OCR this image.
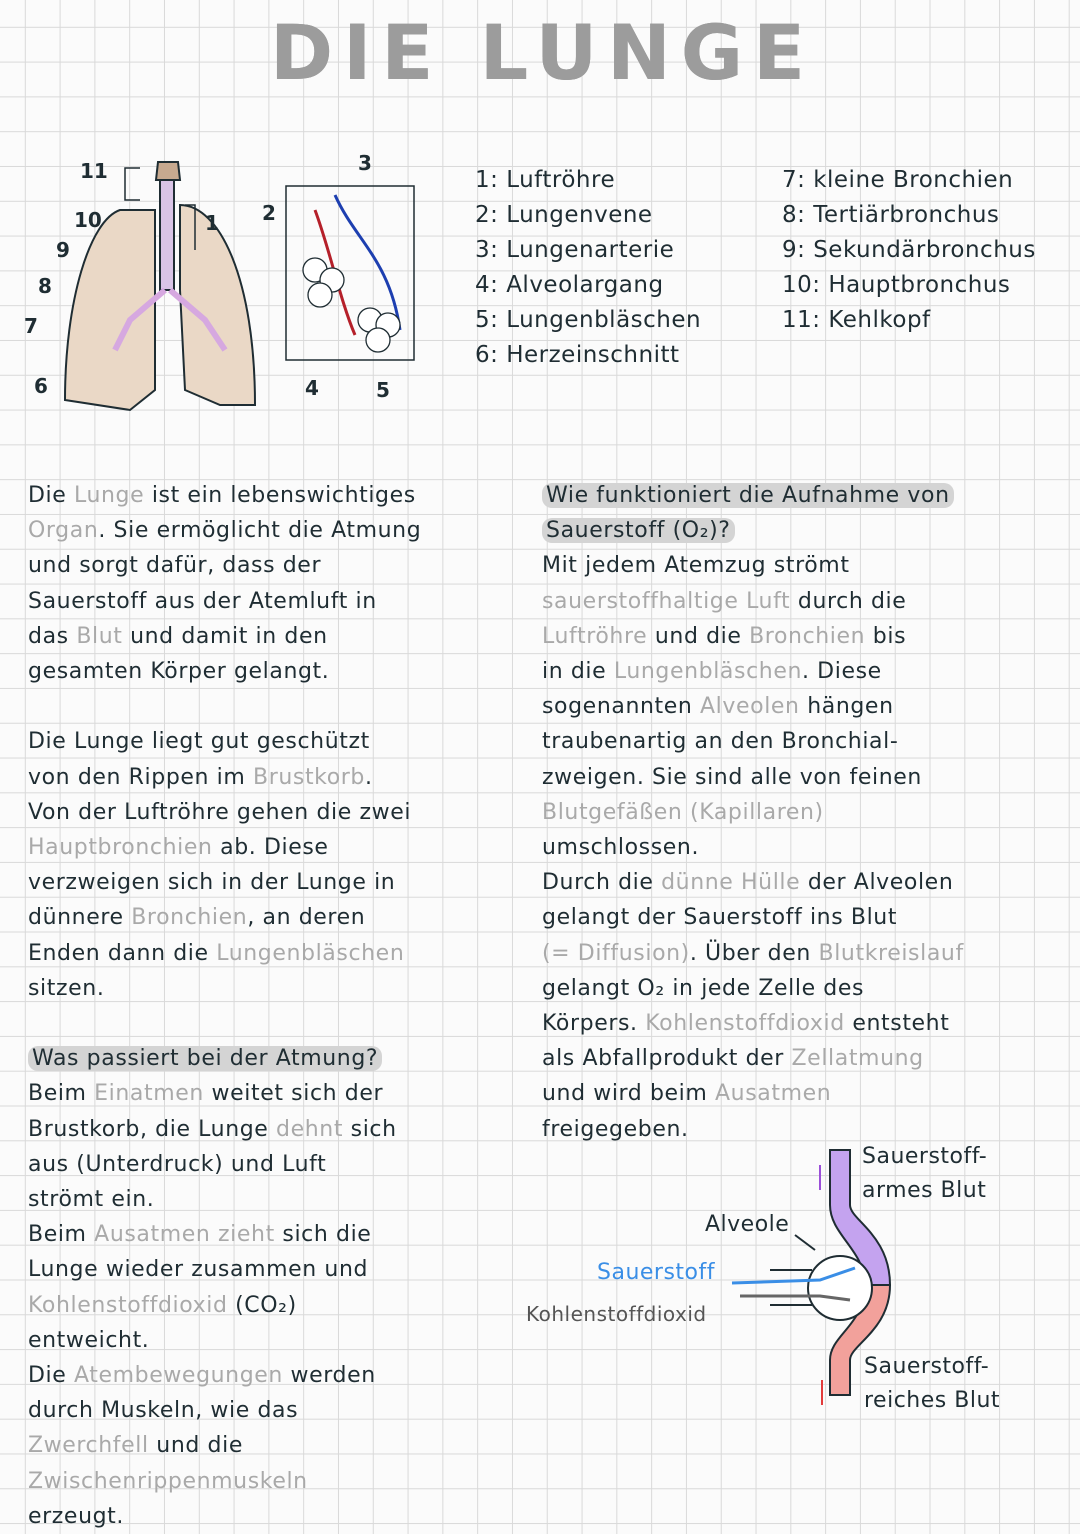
DIE LUNGE
1 2
3
4	5
6
7
8
9
10
11	1: Luftröhre
2: Lungenvene
3: Lungenarterie
4: Alveolargang
5: Lungenbläschen
6: Herzeinschnitt
7: kleine Bronchien
8: Tertiärbronchus
9: Sekundärbronchus
10: Hauptbronchus
11: Kehlkopf
Die Lunge ist ein lebenswichtiges
Organ. Sie ermöglicht die Atmung
und sorgt dafür, dass der
Sauerstoff aus der Atemluft in
das Blut und damit in den
gesamten Körper gelangt.
Die Lunge liegt gut geschützt
von den Rippen im Brustkorb.
Von der Luftröhre gehen die zwei
Hauptbronchien ab. Diese
verzweigen sich in der Lunge in
dünnere Bronchien, an deren
Enden dann die Lungenbläschen
sitzen.
Was passiert bei der Atmung?
Beim Einatmen weitet sich der
Brustkorb, die Lunge dehnt sich
aus (Unterdruck) und Luft
strömt ein.
Beim Ausatmen zieht sich die
Lunge wieder zusammen und
Kohlenstoffdioxid (CO₂)
entweicht.
Die Atembewegungen werden
durch Muskeln, wie das
Zwerchfell und die
Zwischenrippenmuskeln
erzeugt.
Wie funktioniert die Aufnahme von
Sauerstoff (O₂)?
Mit jedem Atemzug strömt
sauerstoffhaltige Luft durch die
Luftröhre und die Bronchien bis
in die Lungenbläschen. Diese
sogenannten Alveolen hängen
traubenartig an den Bronchial-
zweigen. Sie sind alle von feinen
Blutgefäßen (Kapillaren)
umschlossen.
Durch die dünne Hülle der Alveolen
gelangt der Sauerstoff ins Blut
(= Diffusion). Über den Blutkreislauf
gelangt O₂ in jede Zelle des
Körpers. Kohlenstoffdioxid entsteht
als Abfallprodukt der Zellatmung
und wird beim Ausatmen
freigegeben.
Sauerstoff-
armes Blut
Alveole
Sauerstoff
Kohlenstoffdioxid
Sauerstoff-
reiches Blut
